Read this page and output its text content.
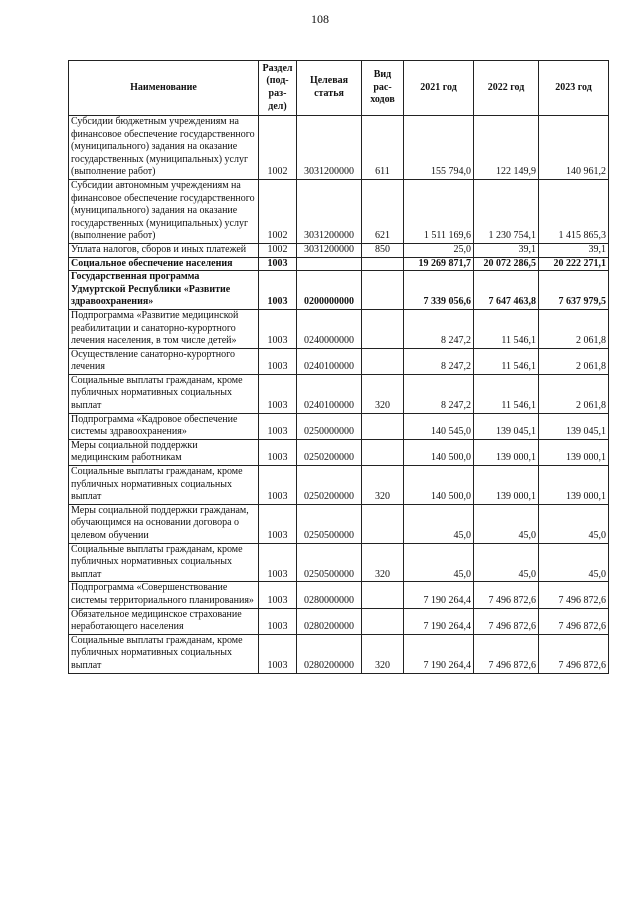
108
Наименование	Раздел (под-раз-дел)	Целевая статья	Вид рас-ходов	2021 год	2022 год	2023 год
Субсидии бюджетным учреждениям на финансовое обеспечение государственного (муниципального) задания на оказание государственных (муниципальных) услуг (выполнение работ)	1002	3031200000	611	155 794,0	122 149,9	140 961,2
Субсидии автономным учреждениям на финансовое обеспечение государственного (муниципального) задания на оказание государственных (муниципальных) услуг (выполнение работ)	1002	3031200000	621	1 511 169,6	1 230 754,1	1 415 865,3
Уплата налогов, сборов и иных платежей	1002	3031200000	850	25,0	39,1	39,1
Социальное обеспечение населения	1003			19 269 871,7	20 072 286,5	20 222 271,1
Государственная программа Удмуртской Республики «Развитие здравоохранения»	1003	0200000000		7 339 056,6	7 647 463,8	7 637 979,5
Подпрограмма «Развитие медицинской реабилитации и санаторно-курортного лечения населения, в том числе детей»	1003	0240000000		8 247,2	11 546,1	2 061,8
Осуществление санаторно-курортного лечения	1003	0240100000		8 247,2	11 546,1	2 061,8
Социальные выплаты гражданам, кроме публичных нормативных социальных выплат	1003	0240100000	320	8 247,2	11 546,1	2 061,8
Подпрограмма «Кадровое обеспечение системы здравоохранения»	1003	0250000000		140 545,0	139 045,1	139 045,1
Меры социальной поддержки медицинским работникам	1003	0250200000		140 500,0	139 000,1	139 000,1
Социальные выплаты гражданам, кроме публичных нормативных социальных выплат	1003	0250200000	320	140 500,0	139 000,1	139 000,1
Меры социальной поддержки гражданам, обучающимся на основании договора о целевом обучении	1003	0250500000		45,0	45,0	45,0
Социальные выплаты гражданам, кроме публичных нормативных социальных выплат	1003	0250500000	320	45,0	45,0	45,0
Подпрограмма «Совершенствование системы территориального планирования»	1003	0280000000		7 190 264,4	7 496 872,6	7 496 872,6
Обязательное медицинское страхование неработающего населения	1003	0280200000		7 190 264,4	7 496 872,6	7 496 872,6
Социальные выплаты гражданам, кроме публичных нормативных социальных выплат	1003	0280200000	320	7 190 264,4	7 496 872,6	7 496 872,6
